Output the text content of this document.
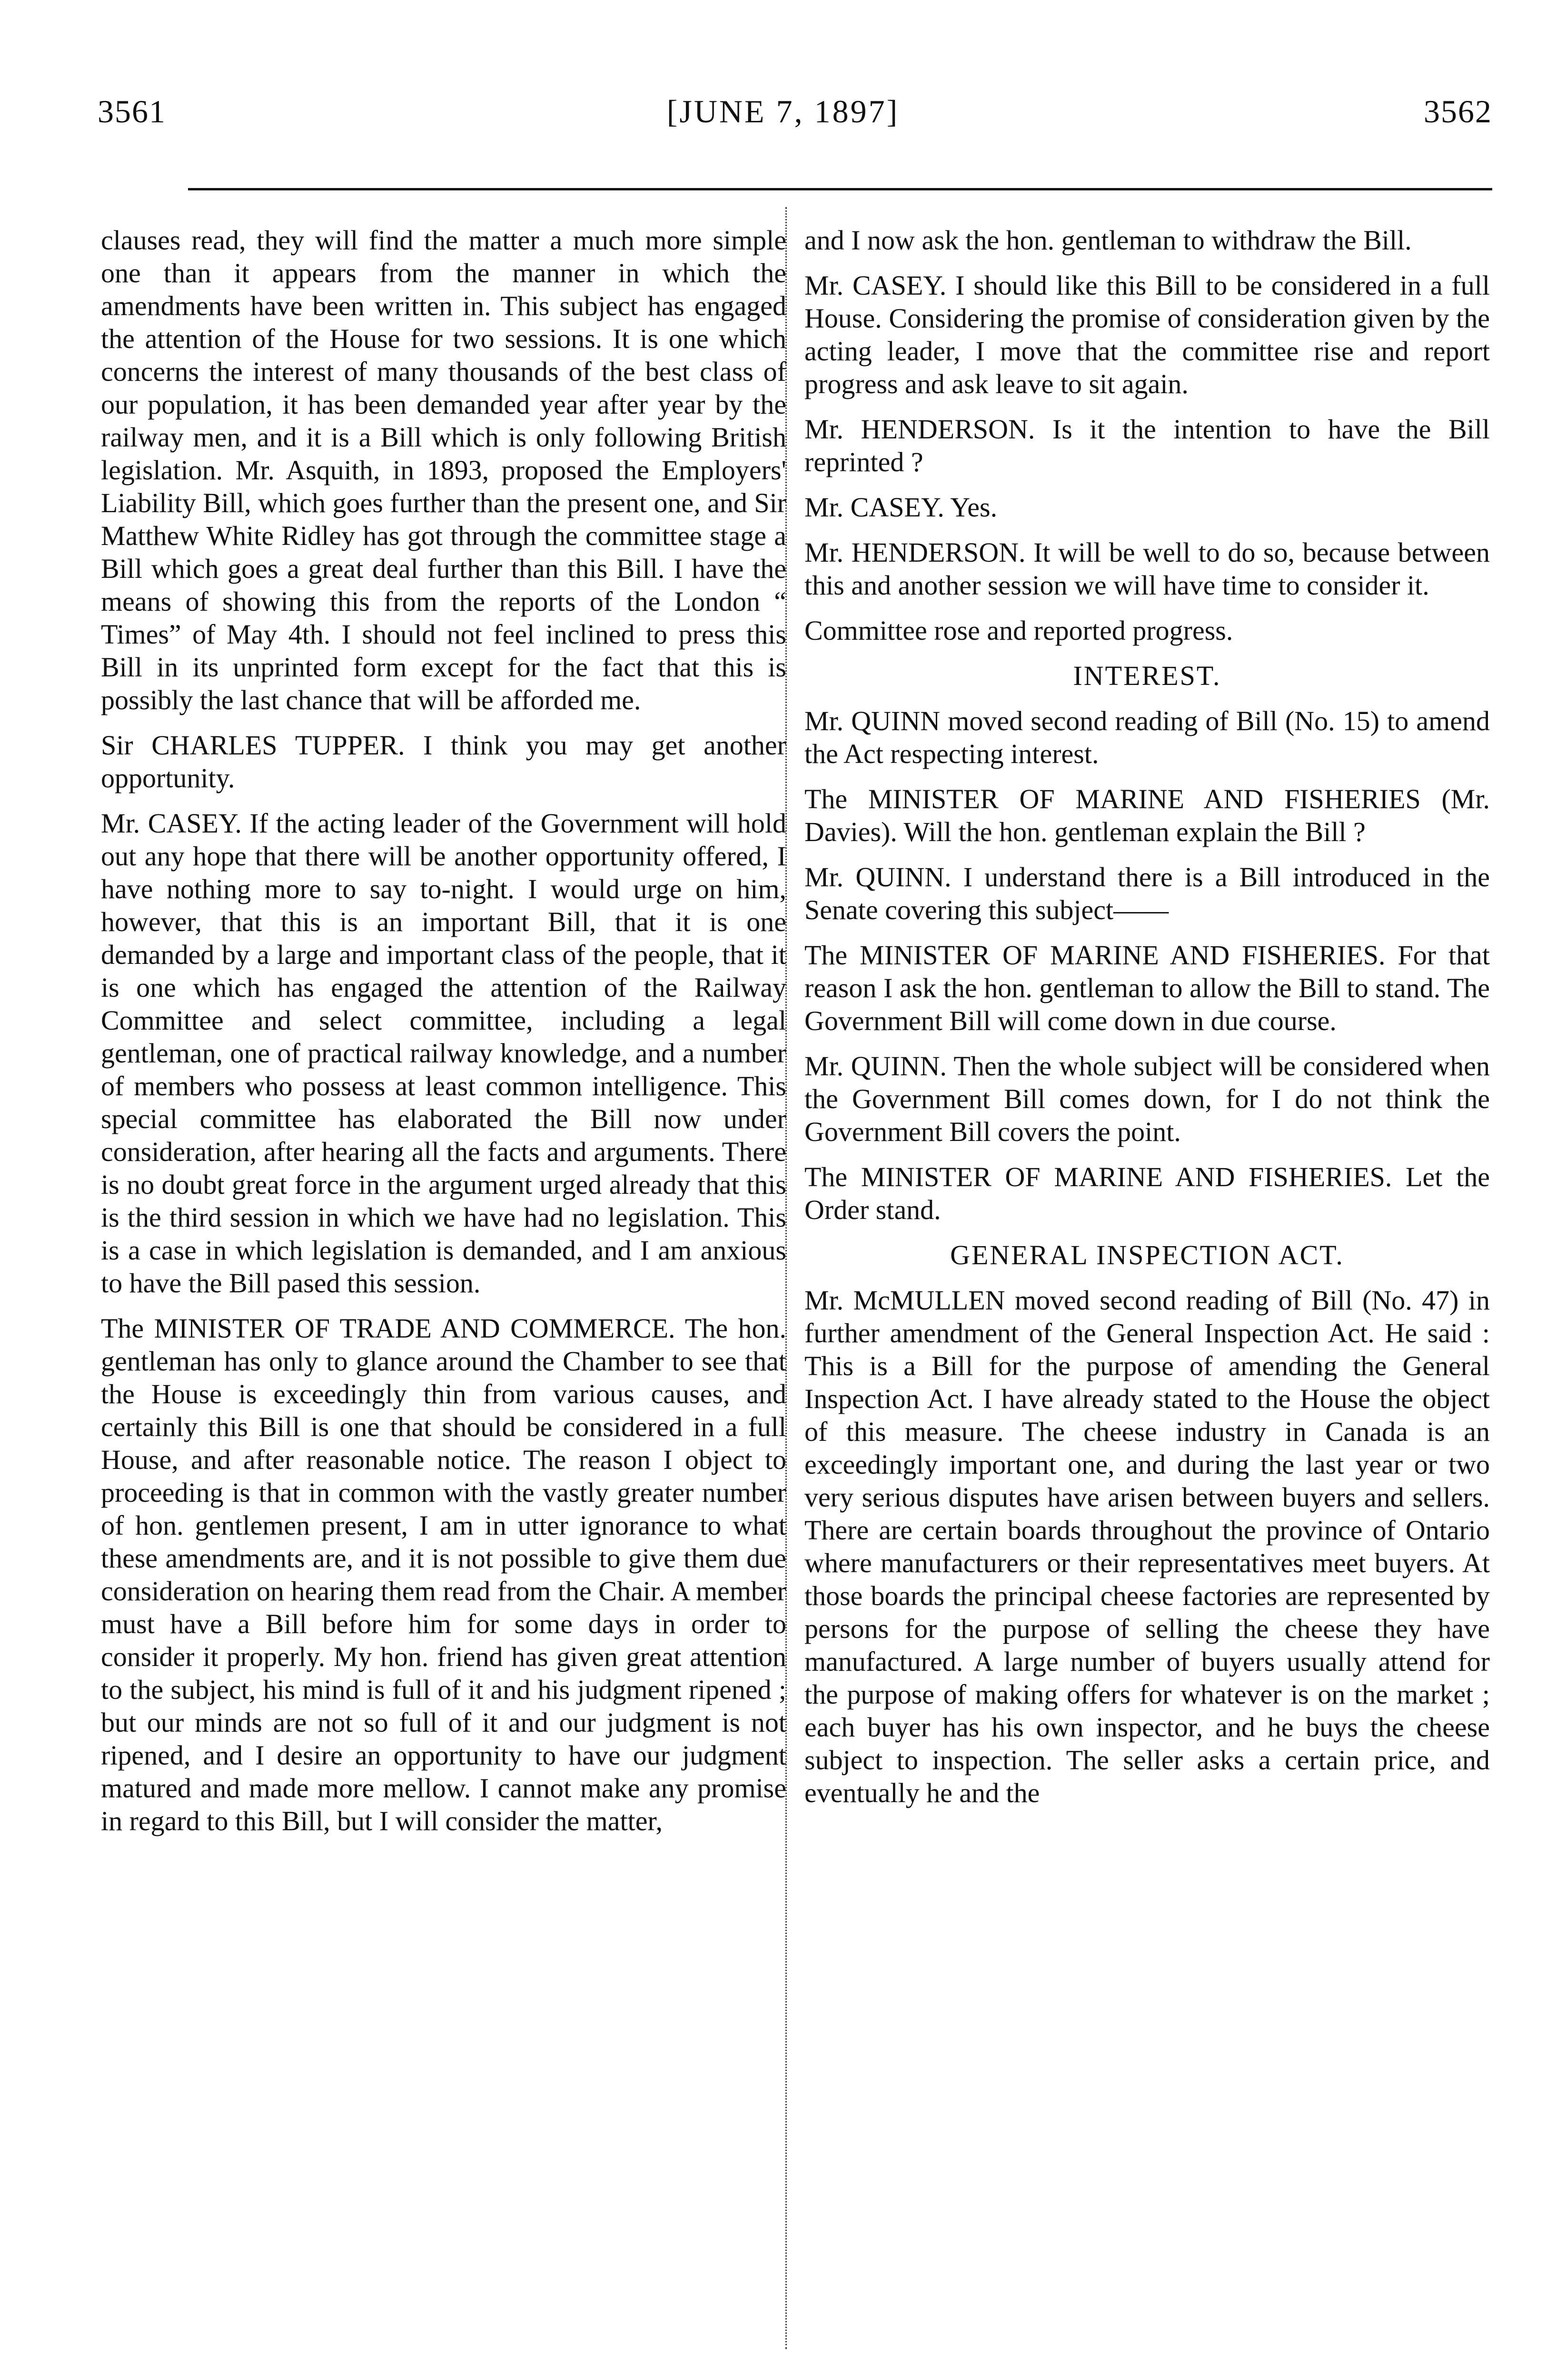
3561	[JUNE 7, 1897]	3562

clauses read, they will find the matter a much more simple one than it appears from the manner in which the amendments have been written in. This subject has engaged the attention of the House for two sessions. It is one which concerns the interest of many thousands of the best class of our population, it has been demanded year after year by the railway men, and it is a Bill which is only following British legislation. Mr. Asquith, in 1893, proposed the Employers' Liability Bill, which goes further than the present one, and Sir Matthew White Ridley has got through the committee stage a Bill which goes a great deal further than this Bill. I have the means of showing this from the reports of the London “ Times” of May 4th. I should not feel inclined to press this Bill in its unprinted form except for the fact that this is possibly the last chance that will be afforded me.

Sir CHARLES TUPPER. I think you may get another opportunity.

Mr. CASEY. If the acting leader of the Government will hold out any hope that there will be another opportunity offered, I have nothing more to say to-night. I would urge on him, however, that this is an important Bill, that it is one demanded by a large and important class of the people, that it is one which has engaged the attention of the Railway Committee and select committee, including a legal gentleman, one of practical railway knowledge, and a number of members who possess at least common intelligence. This special committee has elaborated the Bill now under consideration, after hearing all the facts and arguments. There is no doubt great force in the argument urged already that this is the third session in which we have had no legislation. This is a case in which legislation is demanded, and I am anxious to have the Bill pased this session.

The MINISTER OF TRADE AND COMMERCE. The hon. gentleman has only to glance around the Chamber to see that the House is exceedingly thin from various causes, and certainly this Bill is one that should be considered in a full House, and after reasonable notice. The reason I object to proceeding is that in common with the vastly greater number of hon. gentlemen present, I am in utter ignorance to what these amendments are, and it is not possible to give them due consideration on hearing them read from the Chair. A member must have a Bill before him for some days in order to consider it properly. My hon. friend has given great attention to the subject, his mind is full of it and his judgment ripened ; but our minds are not so full of it and our judgment is not ripened, and I desire an opportunity to have our judgment matured and made more mellow. I cannot make any promise in regard to this Bill, but I will consider the matter,

and I now ask the hon. gentleman to withdraw the Bill.

Mr. CASEY. I should like this Bill to be considered in a full House. Considering the promise of consideration given by the acting leader, I move that the committee rise and report progress and ask leave to sit again.

Mr. HENDERSON. Is it the intention to have the Bill reprinted ?

Mr. CASEY. Yes.

Mr. HENDERSON. It will be well to do so, because between this and another session we will have time to consider it.

Committee rose and reported progress.

INTEREST.

Mr. QUINN moved second reading of Bill (No. 15) to amend the Act respecting interest.

The MINISTER OF MARINE AND FISHERIES (Mr. Davies). Will the hon. gentleman explain the Bill ?

Mr. QUINN. I understand there is a Bill introduced in the Senate covering this subject——

The MINISTER OF MARINE AND FISHERIES. For that reason I ask the hon. gentleman to allow the Bill to stand. The Government Bill will come down in due course.

Mr. QUINN. Then the whole subject will be considered when the Government Bill comes down, for I do not think the Government Bill covers the point.

The MINISTER OF MARINE AND FISHERIES. Let the Order stand.

GENERAL INSPECTION ACT.

Mr. McMULLEN moved second reading of Bill (No. 47) in further amendment of the General Inspection Act. He said : This is a Bill for the purpose of amending the General Inspection Act. I have already stated to the House the object of this measure. The cheese industry in Canada is an exceedingly important one, and during the last year or two very serious disputes have arisen between buyers and sellers. There are certain boards throughout the province of Ontario where manufacturers or their representatives meet buyers. At those boards the principal cheese factories are represented by persons for the purpose of selling the cheese they have manufactured. A large number of buyers usually attend for the purpose of making offers for whatever is on the market ; each buyer has his own inspector, and he buys the cheese subject to inspection. The seller asks a certain price, and eventually he and the
